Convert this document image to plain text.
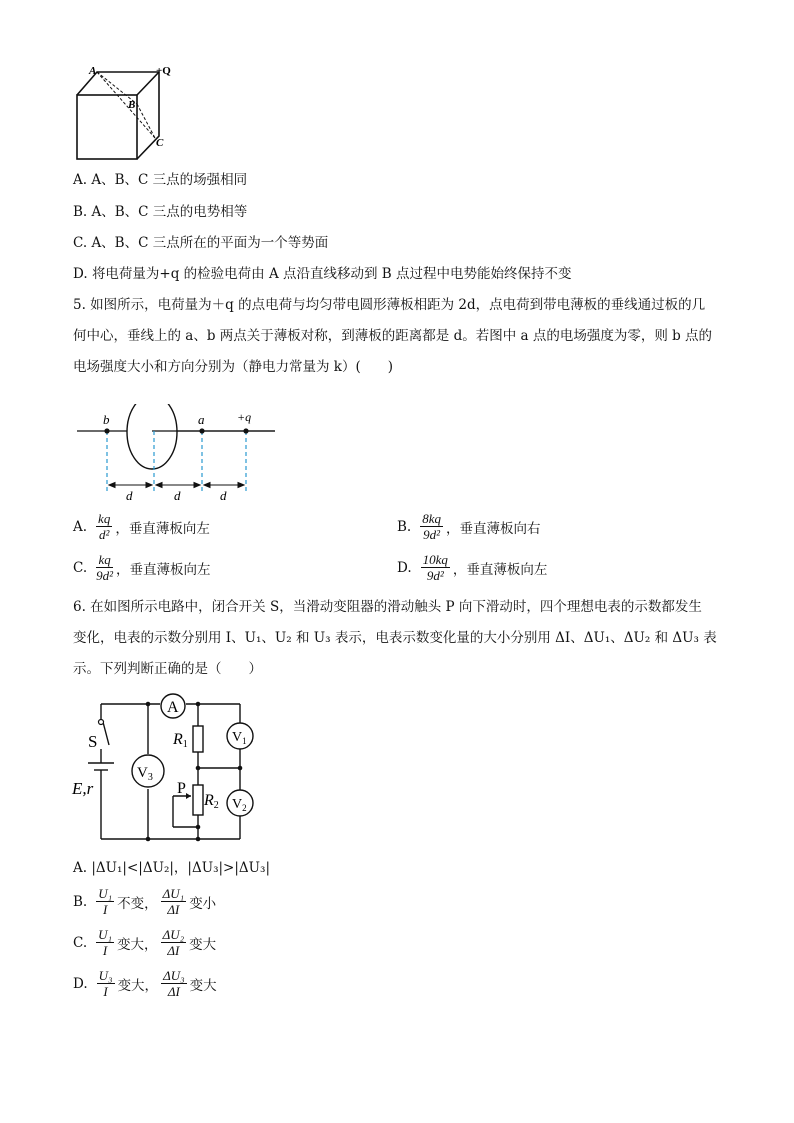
A	+Q
B
C
A. A、B、C 三点的场强相同
B. A、B、C 三点的电势相等
C. A、B、C 三点所在的平面为一个等势面
D. 将电荷量为+q 的检验电荷由 A 点沿直线移动到 B 点过程中电势能始终保持不变
5. 如图所示，电荷量为＋q 的点电荷与均匀带电圆形薄板相距为 2d，点电荷到带电薄板的垂线通过板的几
何中心，垂线上的 a、b 两点关于薄板对称，到薄板的距离都是 d。若图中 a 点的电场强度为零，则 b 点的
电场强度大小和方向分别为（静电力常量为 k）(　　)
b	a	+q
d	d	d
A. $\frac{kq}{\text{d²}}$ ，垂直薄板向左	B. $\frac{8kq}{\text{9d²}}$ ，垂直薄板向右
C. $\frac{kq}{\text{9d²}}$ ，垂直薄板向左	D. $\frac{10kq}{\text{9d²}}$ ，垂直薄板向左
6. 在如图所示电路中，闭合开关 S，当滑动变阻器的滑动触头 P 向下滑动时，四个理想电表的示数都发生
变化，电表的示数分别用 I、U₁、U₂ 和 U₃ 表示，电表示数变化量的大小分别用 ΔI、ΔU₁、ΔU₂ 和 ΔU₃ 表
示。下列判断正确的是（　　）
A
S
E,r
$V_3$
R1	$V_1$
P
R2 $V_2$
A. |ΔU₁|<|ΔU₂|，|ΔU₃|>|ΔU₃|
B. $\frac{\text{U₁}}{I}$ 不变， $\frac{\text{ΔU₁}}{\Delta I}$ 变小
C. $\frac{\text{U₁}}{I}$ 变大， $\frac{\text{ΔU₂}}{\Delta I}$ 变大
D. $\frac{\text{U₃}}{I}$ 变大， $\frac{\text{ΔU₃}}{\Delta I}$ 变大
